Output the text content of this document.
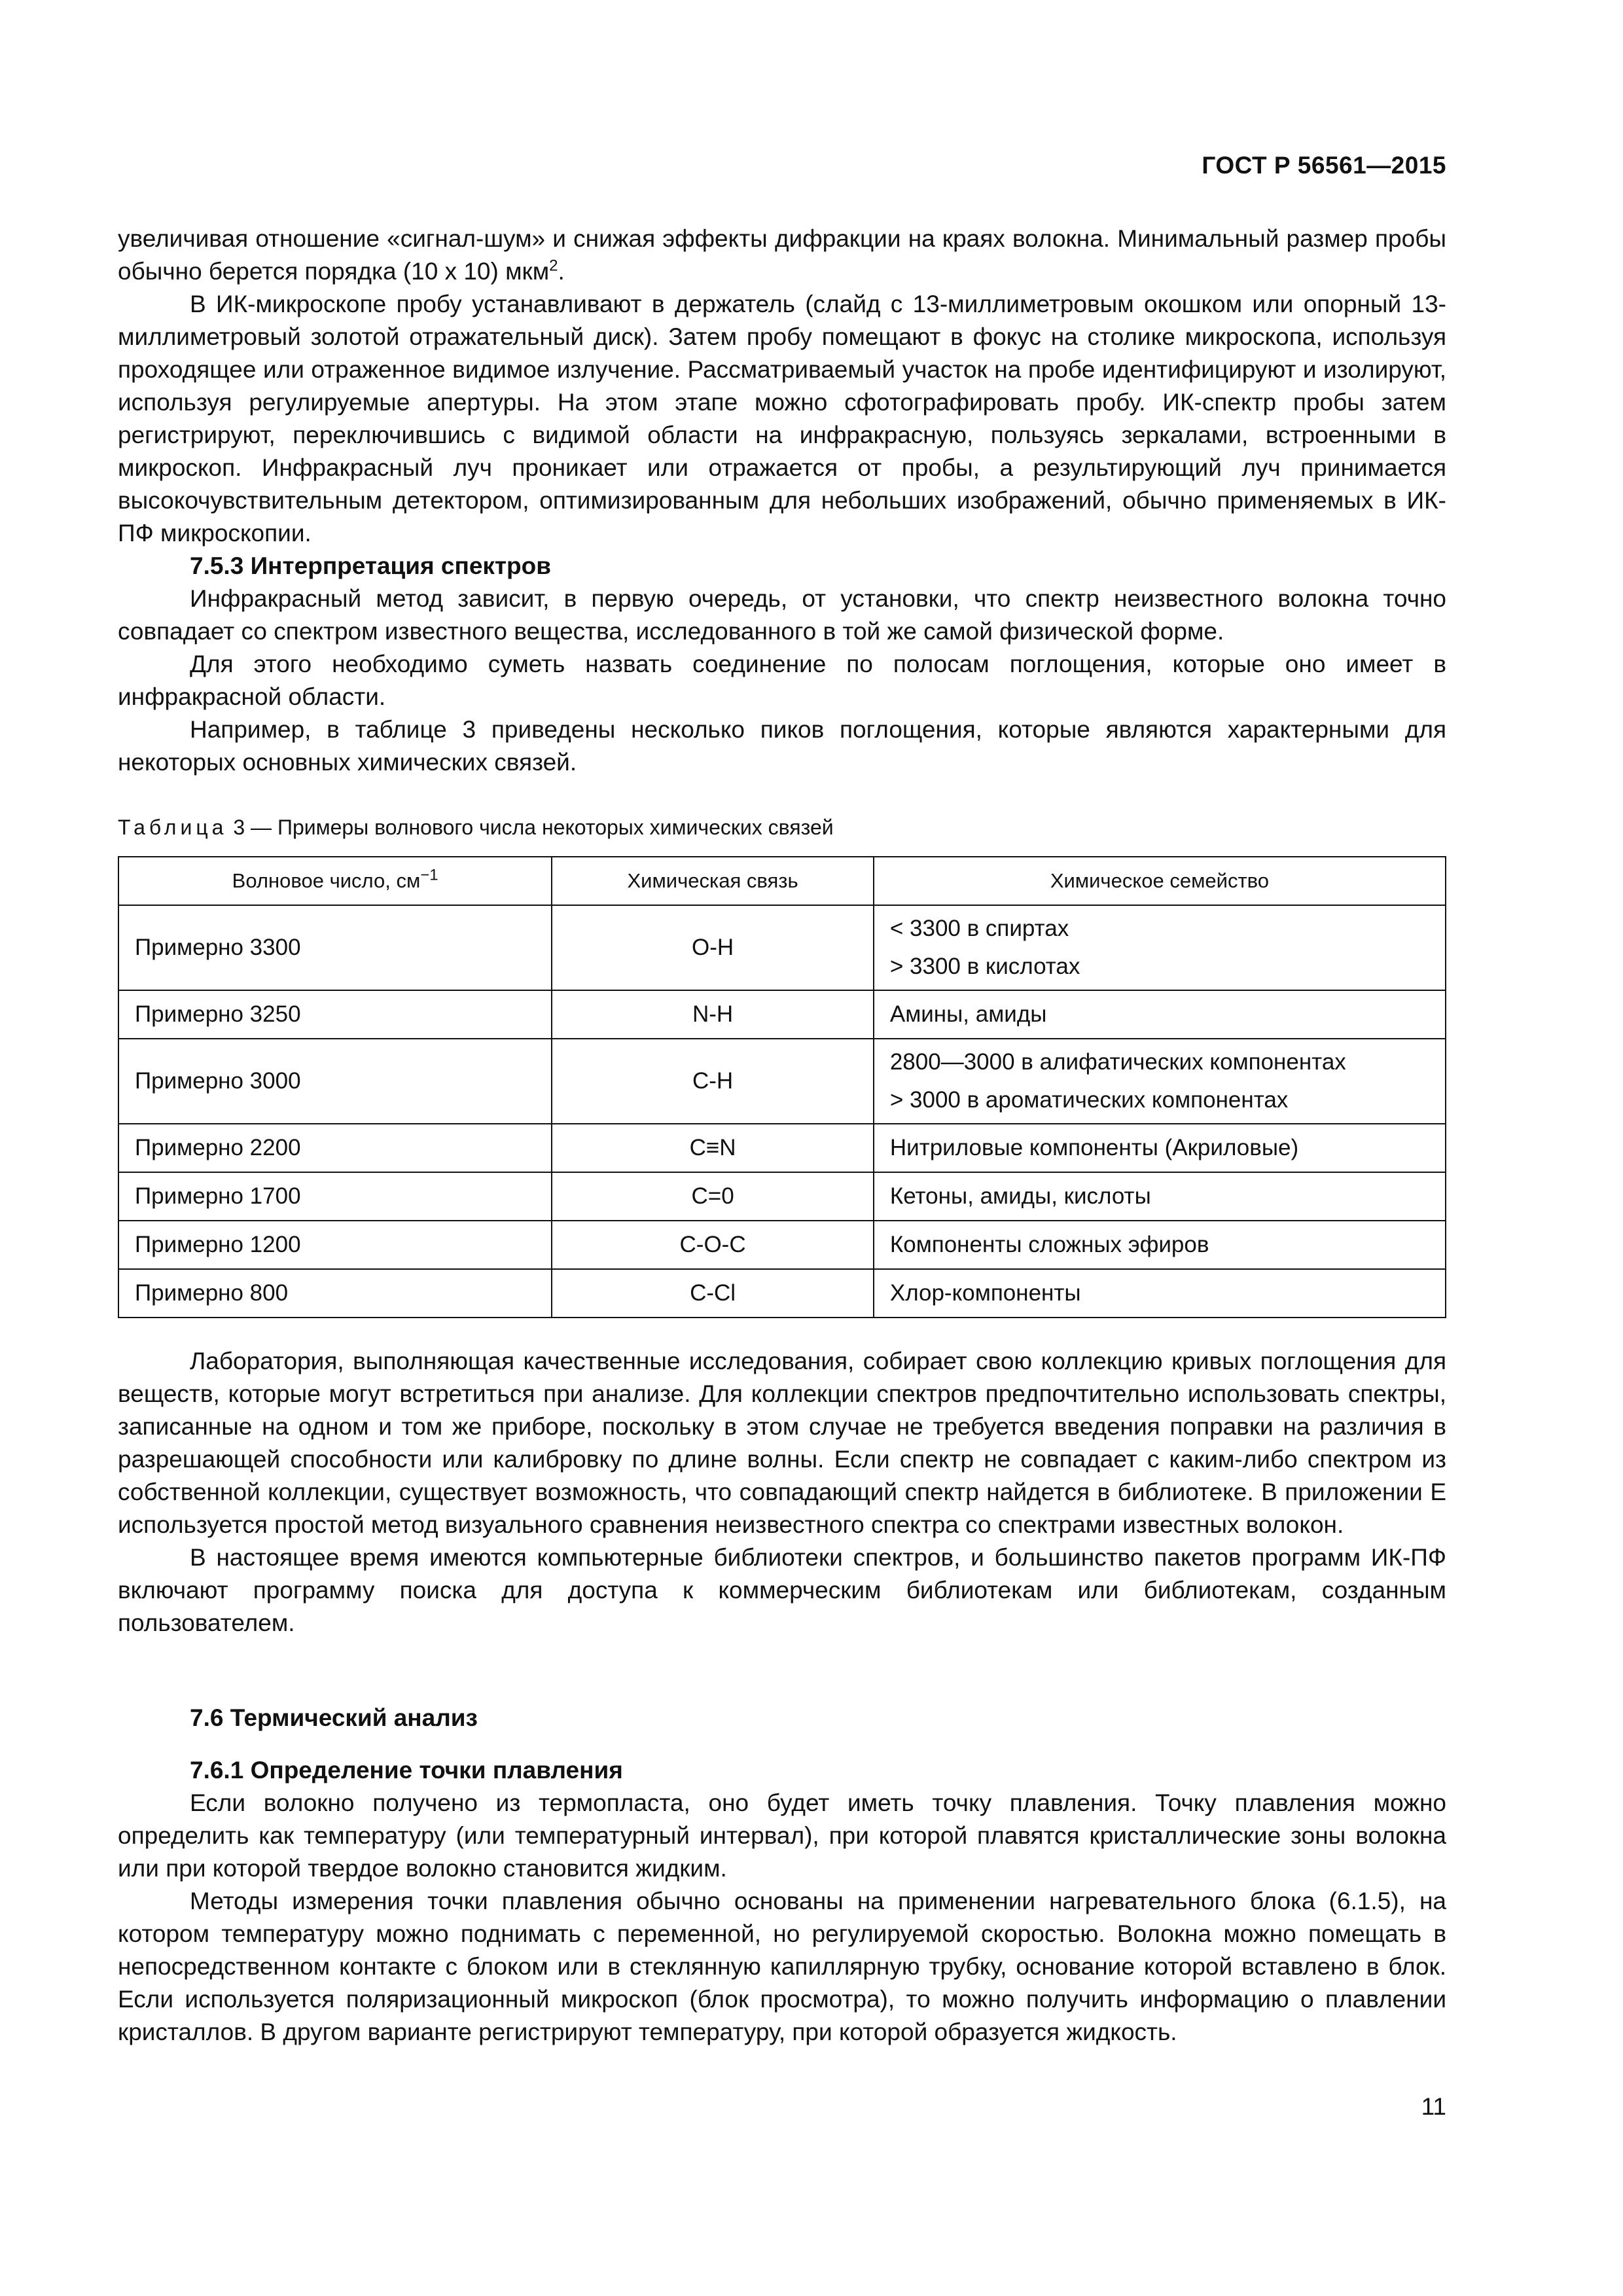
ГОСТ Р 56561—2015

увеличивая отношение «сигнал-шум» и снижая эффекты дифракции на краях волокна. Минимальный размер пробы обычно берется порядка (10 х 10) мкм$^2$.

В ИК-микроскопе пробу устанавливают в держатель (слайд с 13-миллиметровым окошком или опорный 13-миллиметровый золотой отражательный диск). Затем пробу помещают в фокус на столике микроскопа, используя проходящее или отраженное видимое излучение. Рассматриваемый участок на пробе идентифицируют и изолируют, используя регулируемые апертуры. На этом этапе можно сфотографировать пробу. ИК-спектр пробы затем регистрируют, переключившись с видимой области на инфракрасную, пользуясь зеркалами, встроенными в микроскоп. Инфракрасный луч проникает или отражается от пробы, а результирующий луч принимается высокочувствительным детектором, оптимизированным для небольших изображений, обычно применяемых в ИК-ПФ микроскопии.

7.5.3 Интерпретация спектров

Инфракрасный метод зависит, в первую очередь, от установки, что спектр неизвестного волокна точно совпадает со спектром известного вещества, исследованного в той же самой физической форме.

Для этого необходимо суметь назвать соединение по полосам поглощения, которые оно имеет в инфракрасной области.

Например, в таблице 3 приведены несколько пиков поглощения, которые являются характерными для некоторых основных химических связей.

Таблица 3 — Примеры волнового числа некоторых химических связей
Волновое число, $см^{-1}$	Химическая связь	Химическое семейство
Примерно 3300	O-H	< 3300 в спиртах
> 3300 в кислотах

Примерно 3250	N-H	Амины, амиды

Примерно 3000	C-H	2800—3000 в алифатических компонентах
> 3000 в ароматических компонентах

Примерно 2200	C≡N	Нитриловые компоненты (Акриловые)

Примерно 1700	C=0	Кетоны, амиды, кислоты

Примерно 1200	C-O-C	Компоненты сложных эфиров

Примерно 800	C-Cl	Хлор-компоненты

Лаборатория, выполняющая качественные исследования, собирает свою коллекцию кривых поглощения для веществ, которые могут встретиться при анализе. Для коллекции спектров предпочтительно использовать спектры, записанные на одном и том же приборе, поскольку в этом случае не требуется введения поправки на различия в разрешающей способности или калибровку по длине волны. Если спектр не совпадает с каким-либо спектром из собственной коллекции, существует возможность, что совпадающий спектр найдется в библиотеке. В приложении Е используется простой метод визуального сравнения неизвестного спектра со спектрами известных волокон.

В настоящее время имеются компьютерные библиотеки спектров, и большинство пакетов программ ИК-ПФ включают программу поиска для доступа к коммерческим библиотекам или библиотекам, созданным пользователем.

7.6 Термический анализ
7.6.1 Определение точки плавления

Если волокно получено из термопласта, оно будет иметь точку плавления. Точку плавления можно определить как температуру (или температурный интервал), при которой плавятся кристаллические зоны волокна или при которой твердое волокно становится жидким.

Методы измерения точки плавления обычно основаны на применении нагревательного блока (6.1.5), на котором температуру можно поднимать с переменной, но регулируемой скоростью. Волокна можно помещать в непосредственном контакте с блоком или в стеклянную капиллярную трубку, основание которой вставлено в блок. Если используется поляризационный микроскоп (блок просмотра), то можно получить информацию о плавлении кристаллов. В другом варианте регистрируют температуру, при которой образуется жидкость.

11
